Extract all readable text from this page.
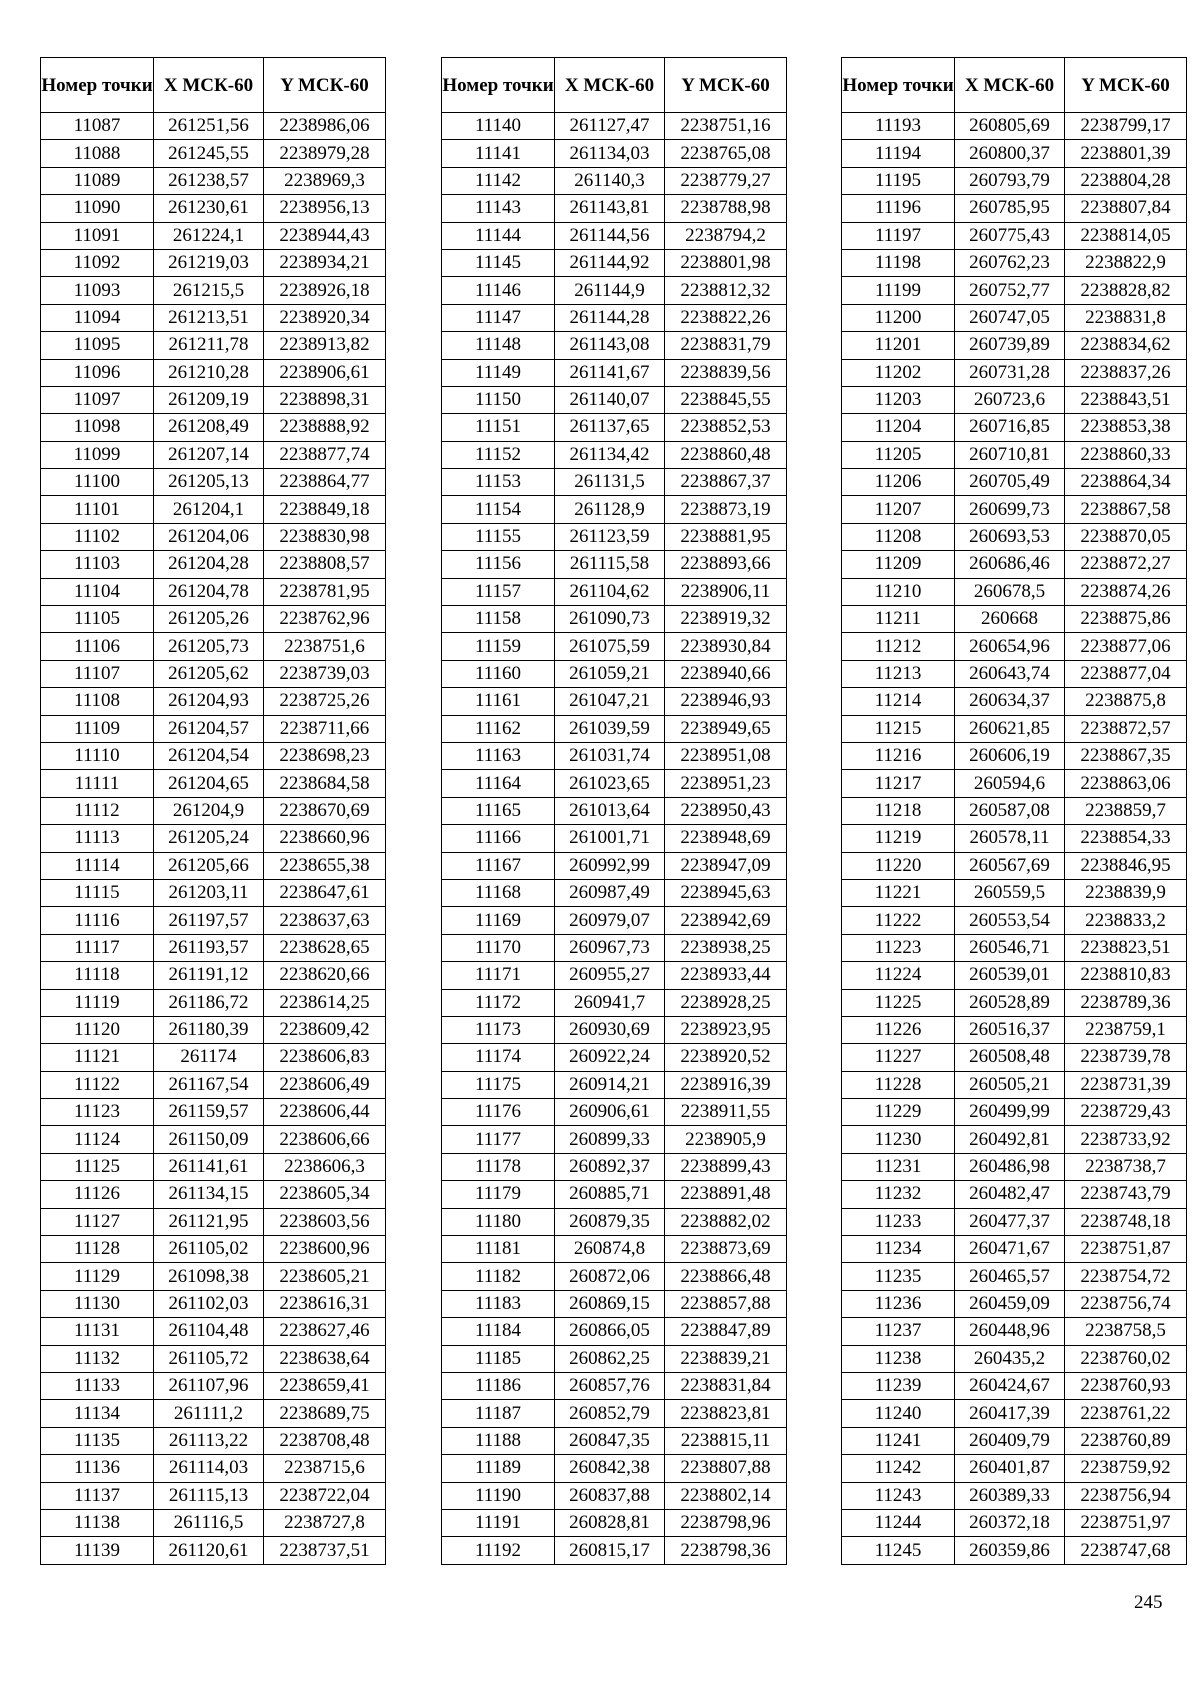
Номер точки	X МСК-60	Y МСК-60
11087	261251,56	2238986,06
11088	261245,55	2238979,28
11089	261238,57	2238969,3
11090	261230,61	2238956,13
11091	261224,1	2238944,43
11092	261219,03	2238934,21
11093	261215,5	2238926,18
11094	261213,51	2238920,34
11095	261211,78	2238913,82
11096	261210,28	2238906,61
11097	261209,19	2238898,31
11098	261208,49	2238888,92
11099	261207,14	2238877,74
11100	261205,13	2238864,77
11101	261204,1	2238849,18
11102	261204,06	2238830,98
11103	261204,28	2238808,57
11104	261204,78	2238781,95
11105	261205,26	2238762,96
11106	261205,73	2238751,6
11107	261205,62	2238739,03
11108	261204,93	2238725,26
11109	261204,57	2238711,66
11110	261204,54	2238698,23
11111	261204,65	2238684,58
11112	261204,9	2238670,69
11113	261205,24	2238660,96
11114	261205,66	2238655,38
11115	261203,11	2238647,61
11116	261197,57	2238637,63
11117	261193,57	2238628,65
11118	261191,12	2238620,66
11119	261186,72	2238614,25
11120	261180,39	2238609,42
11121	261174	2238606,83
11122	261167,54	2238606,49
11123	261159,57	2238606,44
11124	261150,09	2238606,66
11125	261141,61	2238606,3
11126	261134,15	2238605,34
11127	261121,95	2238603,56
11128	261105,02	2238600,96
11129	261098,38	2238605,21
11130	261102,03	2238616,31
11131	261104,48	2238627,46
11132	261105,72	2238638,64
11133	261107,96	2238659,41
11134	261111,2	2238689,75
11135	261113,22	2238708,48
11136	261114,03	2238715,6
11137	261115,13	2238722,04
11138	261116,5	2238727,8
11139	261120,61	2238737,51
Номер точки	X МСК-60	Y МСК-60
11140	261127,47	2238751,16
11141	261134,03	2238765,08
11142	261140,3	2238779,27
11143	261143,81	2238788,98
11144	261144,56	2238794,2
11145	261144,92	2238801,98
11146	261144,9	2238812,32
11147	261144,28	2238822,26
11148	261143,08	2238831,79
11149	261141,67	2238839,56
11150	261140,07	2238845,55
11151	261137,65	2238852,53
11152	261134,42	2238860,48
11153	261131,5	2238867,37
11154	261128,9	2238873,19
11155	261123,59	2238881,95
11156	261115,58	2238893,66
11157	261104,62	2238906,11
11158	261090,73	2238919,32
11159	261075,59	2238930,84
11160	261059,21	2238940,66
11161	261047,21	2238946,93
11162	261039,59	2238949,65
11163	261031,74	2238951,08
11164	261023,65	2238951,23
11165	261013,64	2238950,43
11166	261001,71	2238948,69
11167	260992,99	2238947,09
11168	260987,49	2238945,63
11169	260979,07	2238942,69
11170	260967,73	2238938,25
11171	260955,27	2238933,44
11172	260941,7	2238928,25
11173	260930,69	2238923,95
11174	260922,24	2238920,52
11175	260914,21	2238916,39
11176	260906,61	2238911,55
11177	260899,33	2238905,9
11178	260892,37	2238899,43
11179	260885,71	2238891,48
11180	260879,35	2238882,02
11181	260874,8	2238873,69
11182	260872,06	2238866,48
11183	260869,15	2238857,88
11184	260866,05	2238847,89
11185	260862,25	2238839,21
11186	260857,76	2238831,84
11187	260852,79	2238823,81
11188	260847,35	2238815,11
11189	260842,38	2238807,88
11190	260837,88	2238802,14
11191	260828,81	2238798,96
11192	260815,17	2238798,36
Номер точки	X МСК-60	Y МСК-60
11193	260805,69	2238799,17
11194	260800,37	2238801,39
11195	260793,79	2238804,28
11196	260785,95	2238807,84
11197	260775,43	2238814,05
11198	260762,23	2238822,9
11199	260752,77	2238828,82
11200	260747,05	2238831,8
11201	260739,89	2238834,62
11202	260731,28	2238837,26
11203	260723,6	2238843,51
11204	260716,85	2238853,38
11205	260710,81	2238860,33
11206	260705,49	2238864,34
11207	260699,73	2238867,58
11208	260693,53	2238870,05
11209	260686,46	2238872,27
11210	260678,5	2238874,26
11211	260668	2238875,86
11212	260654,96	2238877,06
11213	260643,74	2238877,04
11214	260634,37	2238875,8
11215	260621,85	2238872,57
11216	260606,19	2238867,35
11217	260594,6	2238863,06
11218	260587,08	2238859,7
11219	260578,11	2238854,33
11220	260567,69	2238846,95
11221	260559,5	2238839,9
11222	260553,54	2238833,2
11223	260546,71	2238823,51
11224	260539,01	2238810,83
11225	260528,89	2238789,36
11226	260516,37	2238759,1
11227	260508,48	2238739,78
11228	260505,21	2238731,39
11229	260499,99	2238729,43
11230	260492,81	2238733,92
11231	260486,98	2238738,7
11232	260482,47	2238743,79
11233	260477,37	2238748,18
11234	260471,67	2238751,87
11235	260465,57	2238754,72
11236	260459,09	2238756,74
11237	260448,96	2238758,5
11238	260435,2	2238760,02
11239	260424,67	2238760,93
11240	260417,39	2238761,22
11241	260409,79	2238760,89
11242	260401,87	2238759,92
11243	260389,33	2238756,94
11244	260372,18	2238751,97
11245	260359,86	2238747,68
245
